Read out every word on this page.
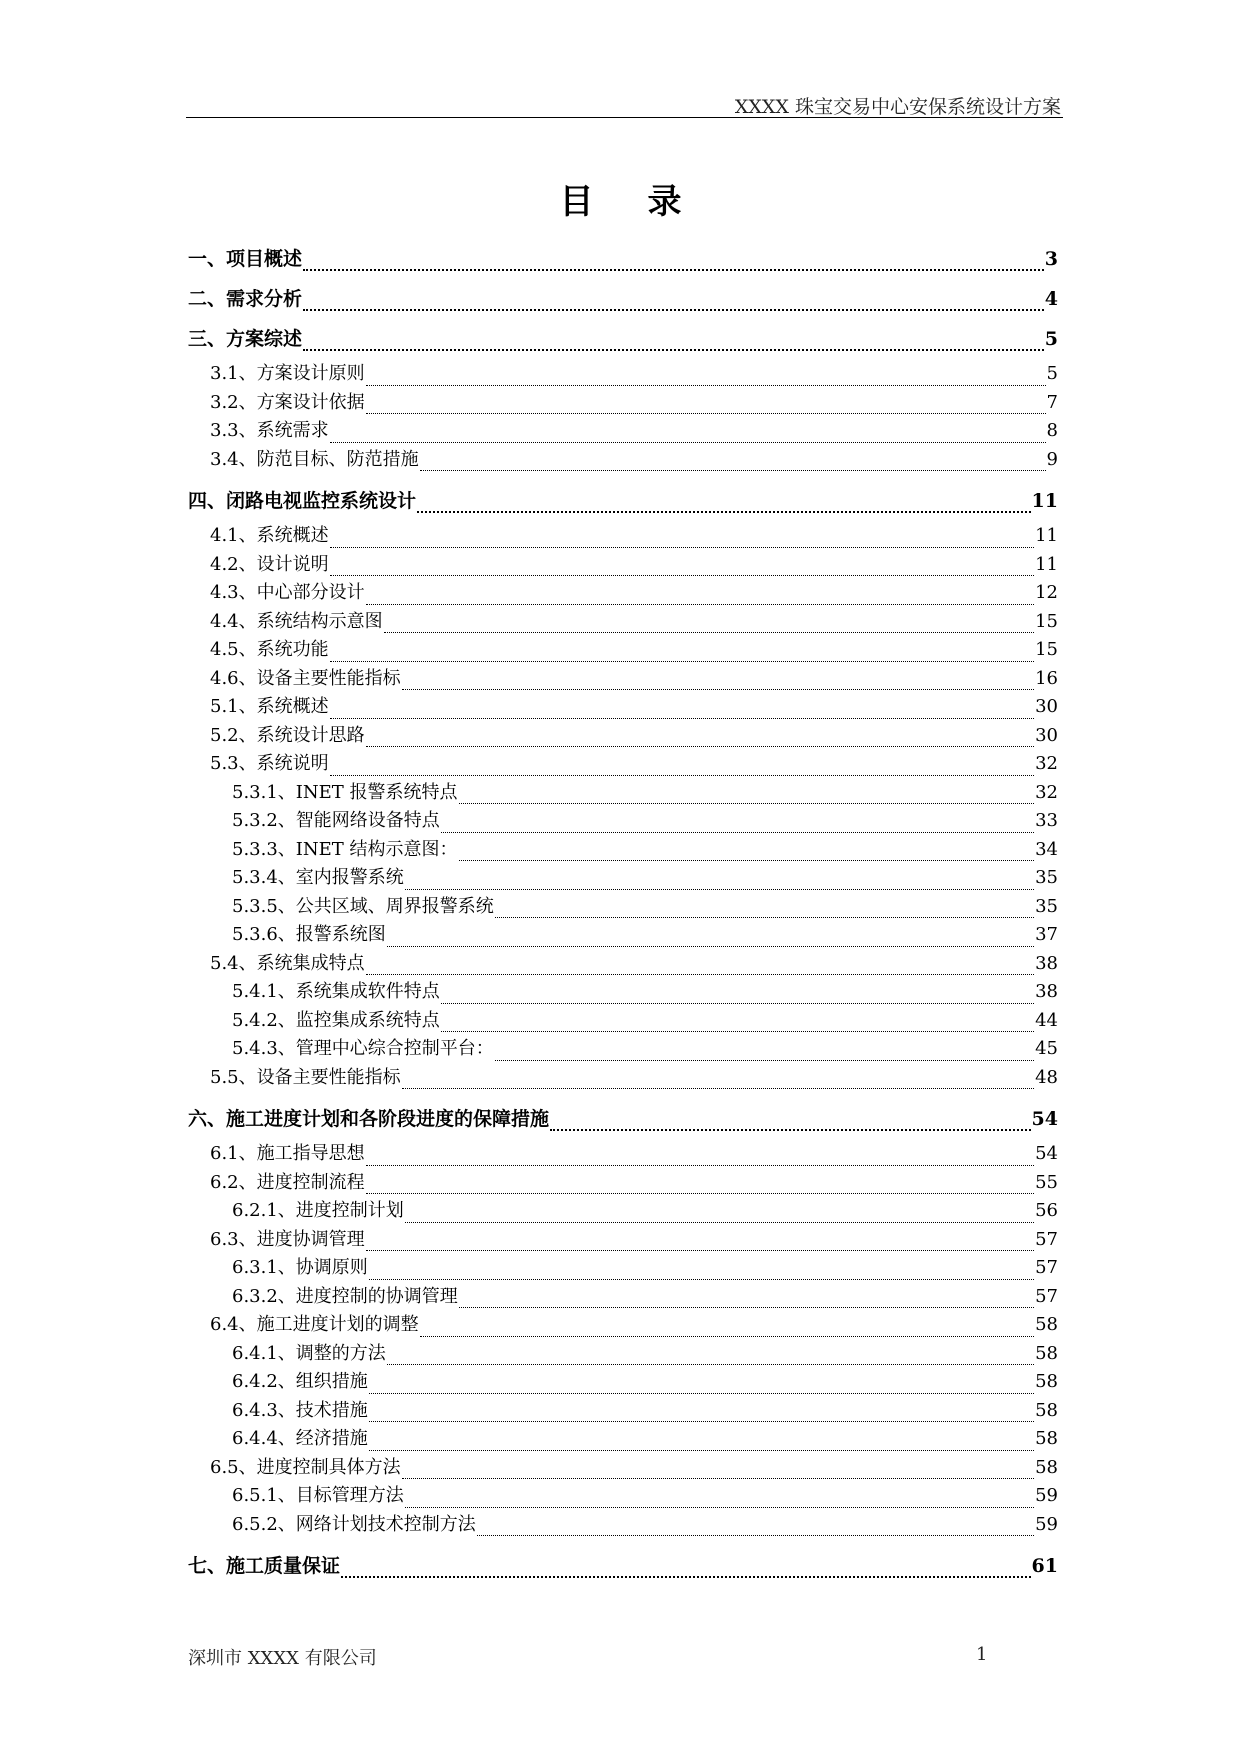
XXXX 珠宝交易中心安保系统设计方案
目录
一、项目概述	3
二、需求分析	4
三、方案综述	5
3.1、方案设计原则	5
3.2、方案设计依据	7
3.3、系统需求	8
3.4、防范目标、防范措施	9
四、闭路电视监控系统设计	11
4.1、系统概述	11
4.2、设计说明	11
4.3、中心部分设计	12
4.4、系统结构示意图	15
4.5、系统功能	15
4.6、设备主要性能指标	16
5.1、系统概述	30
5.2、系统设计思路	30
5.3、系统说明	32
5.3.1、INET 报警系统特点	32
5.3.2、智能网络设备特点	33
5.3.3、INET 结构示意图：	34
5.3.4、室内报警系统	35
5.3.5、公共区域、周界报警系统	35
5.3.6、报警系统图	37
5.4、系统集成特点	38
5.4.1、系统集成软件特点	38
5.4.2、监控集成系统特点	44
5.4.3、管理中心综合控制平台：	45
5.5、设备主要性能指标	48
六、施工进度计划和各阶段进度的保障措施	54
6.1、施工指导思想	54
6.2、进度控制流程	55
6.2.1、进度控制计划	56
6.3、进度协调管理	57
6.3.1、协调原则	57
6.3.2、进度控制的协调管理	57
6.4、施工进度计划的调整	58
6.4.1、调整的方法	58
6.4.2、组织措施	58
6.4.3、技术措施	58
6.4.4、经济措施	58
6.5、进度控制具体方法	58
6.5.1、目标管理方法	59
6.5.2、网络计划技术控制方法	59
七、施工质量保证	61
深圳市 XXXX 有限公司	1
